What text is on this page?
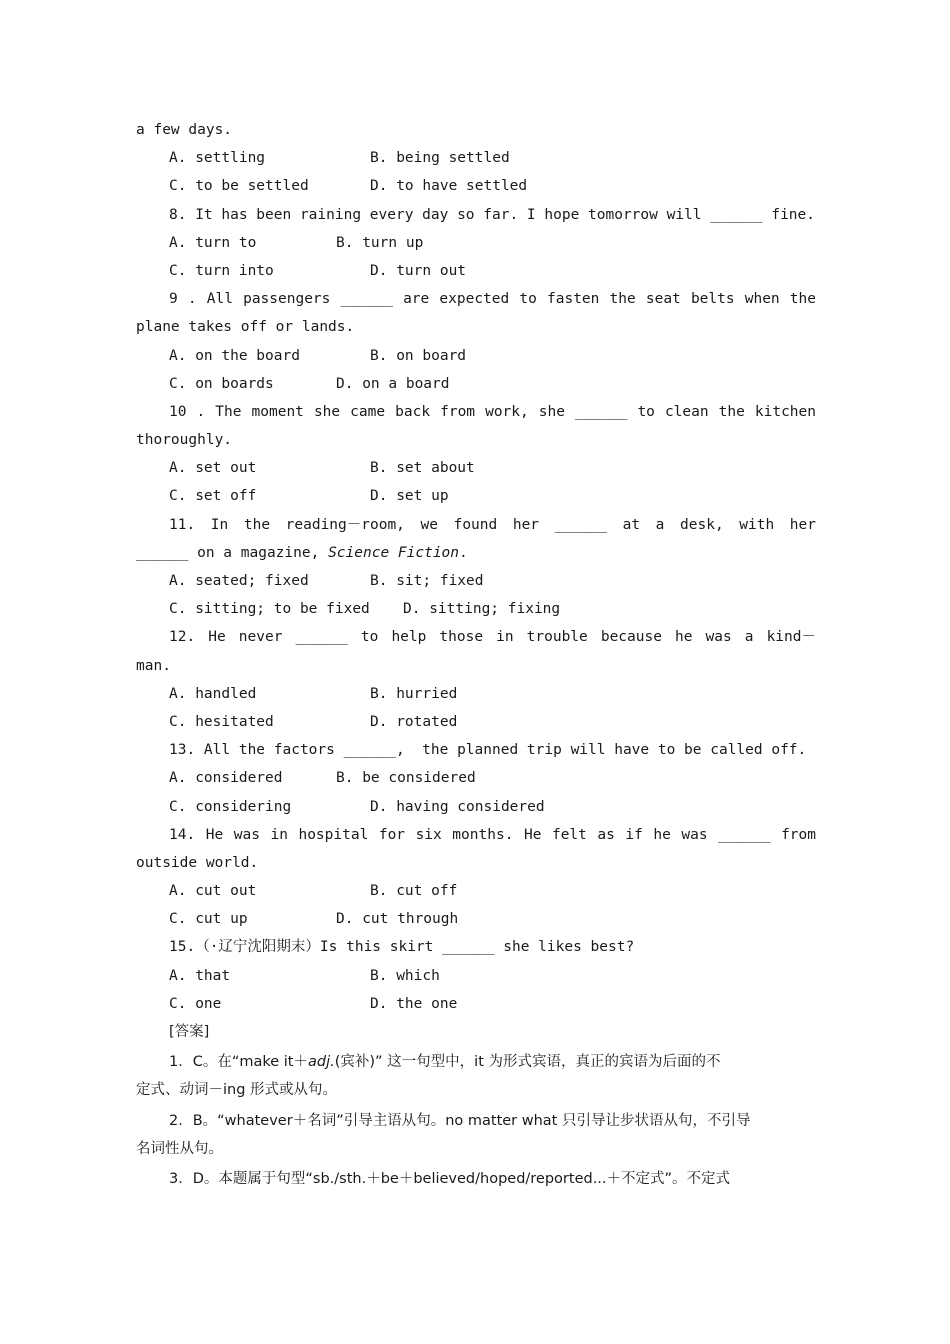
a few days.
A. settling	B. being settled
C. to be settled	D. to have settled
8. It has been raining every day so far. I hope tomorrow will ______ fine.
A. turn to	B. turn up
C. turn into	D. turn out
9 . All passengers ______ are expected to fasten the seat belts when the
plane takes off or lands.
A. on the board	B. on board
C. on boards	D. on a board
10 . The moment she came back from work, she ______ to clean the kitchen
thoroughly.
A. set out	B. set about
C. set off	D. set up
11. In the reading－room, we found her ______ at a desk, with her
______ on a magazine, Science Fiction.
A. seated; fixed	B. sit; fixed
C. sitting; to be fixed D. sitting; fixing
12. He never ______ to help those in trouble because he was a kind－
man.
A. handled	B. hurried
C. hesitated	D. rotated
13. All the factors ______,  the planned trip will have to be called off.
A. considered	B. be considered
C. considering	D. having considered
14. He was in hospital for six months. He felt as if he was ______ from
outside world.
A. cut out	B. cut off
C. cut up	D. cut through
15.（·辽宁沈阳期末）Is this skirt ______ she likes best?
A. that	B. which
C. one	D. the one
[答案]
1．C。在“make it＋adj.(宾补)” 这一句型中，it 为形式宾语，真正的宾语为后面的不
定式、动词－ing 形式或从句。
2．B。“whatever＋名词”引导主语从句。no matter what 只引导让步状语从句，不引导
名词性从句。
3．D。本题属于句型“sb./sth.＋be＋believed/hoped/reported...＋不定式”。不定式
